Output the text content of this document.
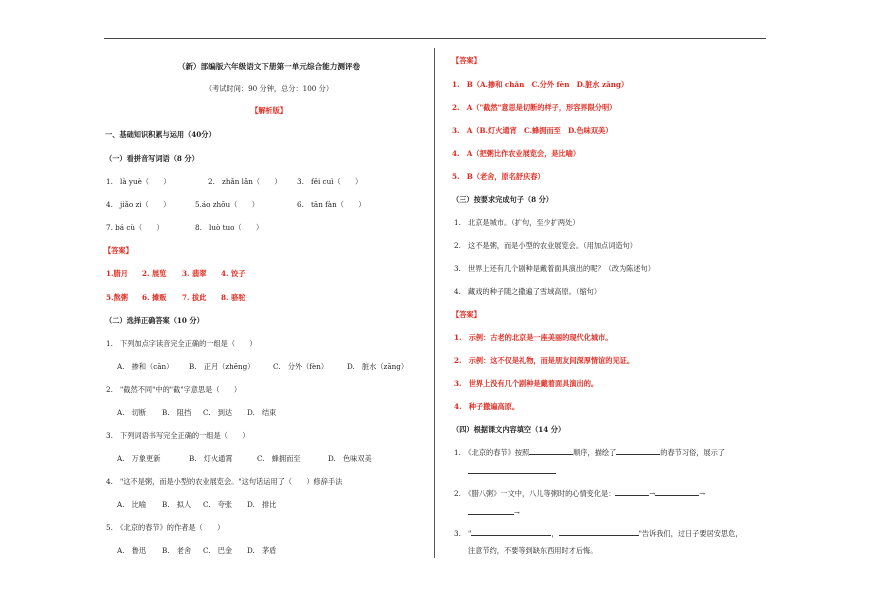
（新）部编版六年级语文下册第一单元综合能力测评卷
（考试时间：90 分钟，总分：100 分）
【解析版】
一、基础知识积累与运用（40分）
（一）看拼音写词语（8 分）
1.　là yuè（　　）	2.　zhǎn lǎn（　　） 3.　fěi cuì（　　）
4.　jiǎo zi（　　）	5.áo zhōu（　　）	6.　tān fàn（　　）
7. bá cù（　　）	8.　luò tuo（　　）
【答案】
1.腊月 2. 展览 3. 翡翠 4. 饺子
5.熬粥 6. 摊贩 7. 拔此 8. 骆驼
（二）选择正确答案（10 分）
1.　下列加点字读音完全正确的一组是（　　）
A.　掺和（cān） B.　正月（zhēng）	C.　分外（fèn）	D.　脏水（zāng）
2.　"截然不同"中的"截"字意思是（　　）
A.　切断 B.　阻挡 C.　到达 D.　结束
3.　下列词语书写完全正确的一组是（　　）
A.　万象更新	B.　灯火通霄	C.　蜂拥而至	D.　色味双美
4.　"这不是粥，而是小型的农业展览会。"这句话运用了（　　）修辞手法
A.　比喻 B.　拟人 C.　夸张 D.　排比
5.　《北京的春节》的作者是（　　）
A.　鲁迅 B.　老舍 C.　巴金 D.　茅盾
【答案】
1.　B（A.掺和 chān　C.分外 fèn　D.脏水 zāng）
2.　A（"截然"意思是切断的样子，形容界限分明）
3.　A（B.灯火通宵　C.蜂拥而至　D.色味双美）
4.　A（把粥比作农业展览会，是比喻）
5.　B（老舍，原名舒庆春）
（三）按要求完成句子（8 分）
1.　北京是城市。（扩句，至少扩两处）
2.　这不是粥，而是小型的农业展览会。（用加点词造句）
3.　世界上还有几个剧种是戴着面具演出的呢？（改为陈述句）
4.　藏戏的种子随之撒遍了雪域高原。（缩句）
【答案】
1.　示例：古老的北京是一座美丽的现代化城市。
2.　示例：这不仅是礼物，而是朋友间深厚情谊的见证。
3.　世界上没有几个剧种是戴着面具演出的。
4.　种子撒遍高原。
（四）根据课文内容填空（14 分）
1.　《北京的春节》按照	顺序，描绘了	的春节习俗，展示了
2.　《腊八粥》一文中，八儿等粥时的心情变化是：	→	→
→
3.　"	，	"告诉我们，过日子要居安思危，
注意节约，不要等到缺东西用时才后悔。
